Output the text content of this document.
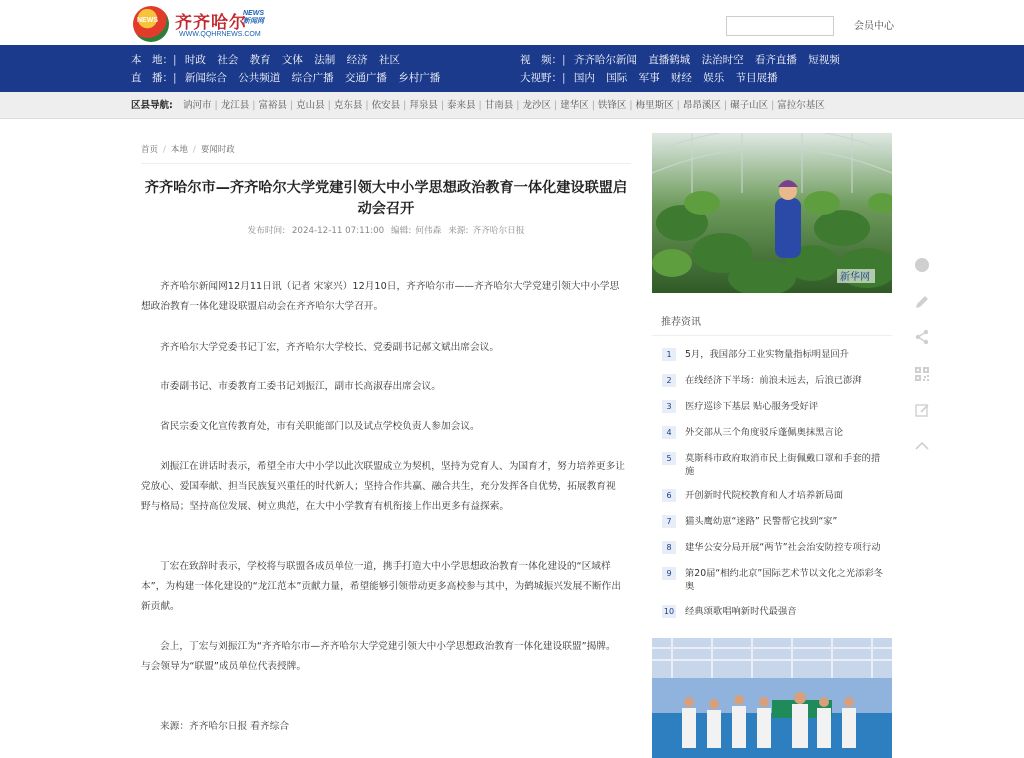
NEWS 齐齐哈尔
NEWS
新闻网
WWW.QQHRNEWS.COM
会员中心
本　地：| 时政 社会 教育 文体 法制 经济 社区
直　播：| 新闻综合 公共频道 综合广播 交通广播 乡村广播
视　频：| 齐齐哈尔新闻 直播鹤城 法治时空 看齐直播 短视频
大视野：| 国内 国际 军事 财经 娱乐 节目展播
区县导航: 讷河市 | 龙江县 | 富裕县 | 克山县 | 克东县 | 依安县 | 拜泉县 | 泰来县 | 甘南县 | 龙沙区 | 建华区 | 铁锋区 | 梅里斯区 | 昂昂溪区 | 碾子山区 | 富拉尔基区
首页 / 本地 / 要闻时政
齐齐哈尔市—齐齐哈尔大学党建引领大中小学思想政治教育一体化建设联盟启动会召开
发布时间: 2024-12-11 07:11:00 编辑: 何伟森 来源: 齐齐哈尔日报

齐齐哈尔新闻网12月11日讯（记者 宋家兴）12月10日，齐齐哈尔市——齐齐哈尔大学党建引领大中小学思想政治教育一体化建设联盟启动会在齐齐哈尔大学召开。

齐齐哈尔大学党委书记丁宏，齐齐哈尔大学校长、党委副书记郝文斌出席会议。

市委副书记、市委教育工委书记刘振江，副市长高淑春出席会议。

省民宗委文化宣传教育处，市有关职能部门以及试点学校负责人参加会议。

刘振江在讲话时表示，希望全市大中小学以此次联盟成立为契机，坚持为党育人、为国育才，努力培养更多让党放心、爱国奉献、担当民族复兴重任的时代新人；坚持合作共赢、融合共生，充分发挥各自优势，拓展教育视野与格局；坚持高位发展、树立典范，在大中小学教育有机衔接上作出更多有益探索。

丁宏在致辞时表示，学校将与联盟各成员单位一道，携手打造大中小学思想政治教育一体化建设的“区域样本”，为构建一体化建设的“龙江范本”贡献力量，希望能够引领带动更多高校参与其中，为鹤城振兴发展不断作出新贡献。

会上，丁宏与刘振江为“齐齐哈尔市—齐齐哈尔大学党建引领大中小学思想政治教育一体化建设联盟”揭牌。与会领导为“联盟”成员单位代表授牌。

来源：齐齐哈尔日报 看齐综合

新华网
推荐资讯
1	5月，我国部分工业实物量指标明显回升
2	在线经济下半场：前浪未远去，后浪已澎湃
3	医疗巡诊下基层 贴心服务受好评
4	外交部从三个角度驳斥蓬佩奥抹黑言论
5	莫斯科市政府取消市民上街佩戴口罩和手套的措施
6	开创新时代院校教育和人才培养新局面
7	猫头鹰幼崽“迷路” 民警帮它找到“家”
8	建华公安分局开展“两节”社会治安防控专项行动
9	第20届“相约北京”国际艺术节以文化之光添彩冬奥
10 经典颂歌唱响新时代最强音
